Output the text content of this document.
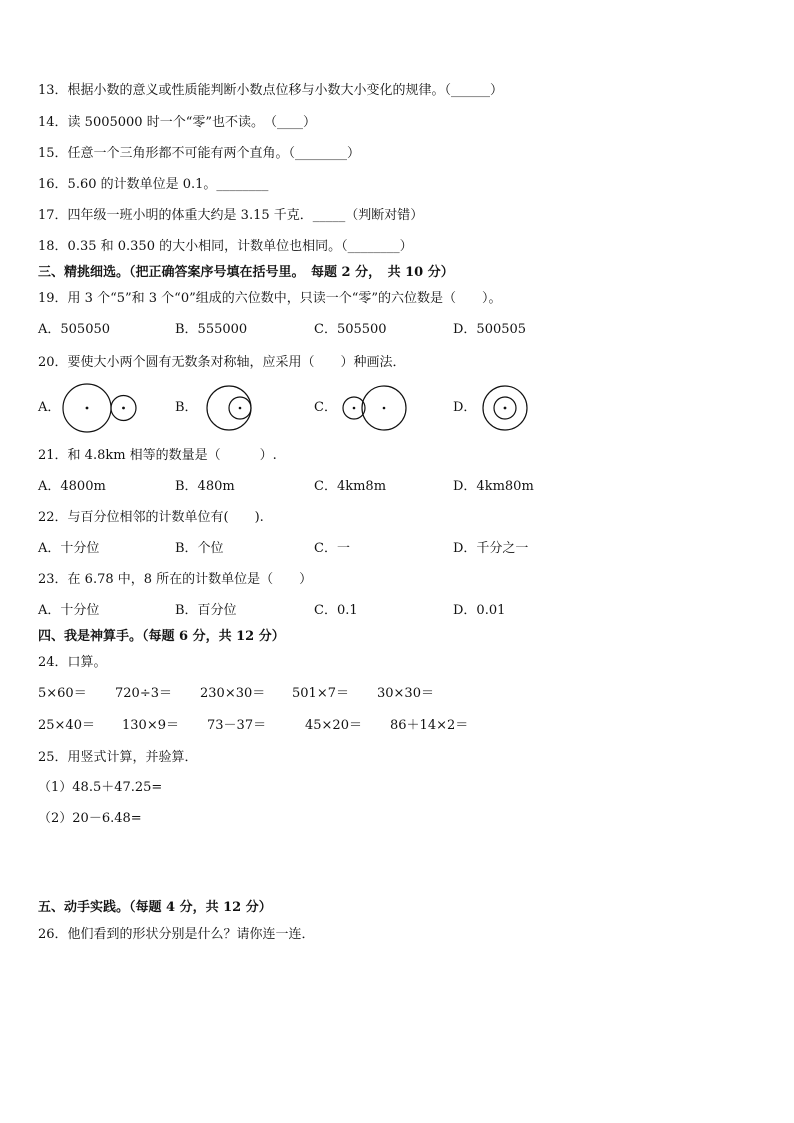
13．根据小数的意义或性质能判断小数点位移与小数大小变化的规律。（______）
14．读 5005000 时一个“零”也不读。　（____）
15．任意一个三角形都不可能有两个直角。（________）
16．5.60 的计数单位是 0.1。________
17．四年级一班小明的体重大约是 3.15 千克．_____（判断对错）
18．0.35 和 0.350 的大小相同，计数单位也相同。（________）
三、精挑细选。（把正确答案序号填在括号里。　每题 2 分，　共 10 分）
19．用 3 个“5”和 3 个“0”组成的六位数中，只读一个“零”的六位数是（　　）。
A．505050	B．555000	C．505500	D．500505
20．要使大小两个圆有无数条对称轴，应采用（　　）种画法．
A．	B．	C．	D．
21．和 4.8km 相等的数量是（　　　）.
A．4800m	B．480m	C．4km8m	D．4km80m
22．与百分位相邻的计数单位有(　　).
A．十分位	B．个位	C．一	D．千分之一
23．在 6.78 中，8 所在的计数单位是（　　）
A．十分位	B．百分位	C．0.1	D．0.01
四、我是神算手。（每题 6 分，共 12 分）
24．口算。
5×60＝ 720÷3＝ 230×30＝ 501×7＝ 30×30＝
25×40＝ 130×9＝ 73－37＝	45×20＝ 86＋14×2＝
25．用竖式计算，并验算．
（1）48.5＋47.25=
（2）20－6.48=
五、动手实践。（每题 4 分，共 12 分）
26．他们看到的形状分别是什么？请你连一连．
